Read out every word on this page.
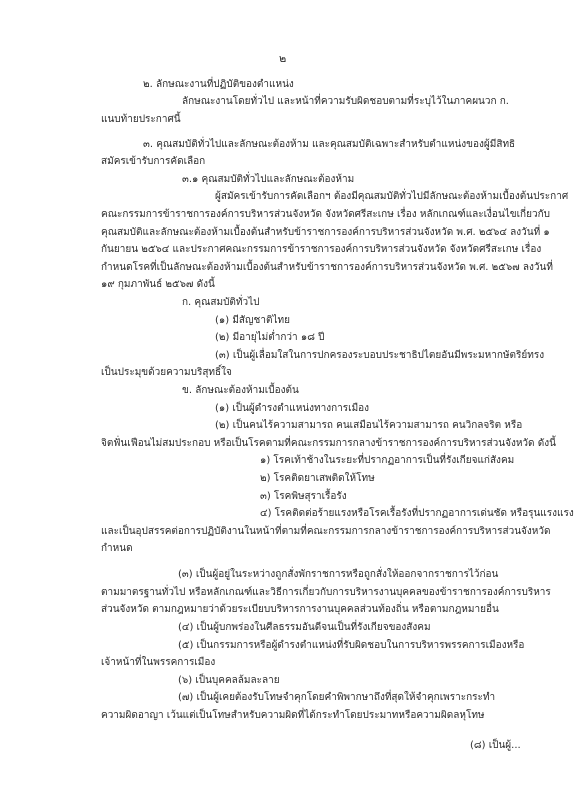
๒
๒. ลักษณะงานที่ปฏิบัติของตำแหน่ง
ลักษณะงานโดยทั่วไป และหน้าที่ความรับผิดชอบตามที่ระบุไว้ในภาคผนวก ก.
แนบท้ายประกาศนี้
๓. คุณสมบัติทั่วไปและลักษณะต้องห้าม และคุณสมบัติเฉพาะสำหรับตำแหน่งของผู้มีสิทธิ
สมัครเข้ารับการคัดเลือก
๓.๑ คุณสมบัติทั่วไปและลักษณะต้องห้าม
ผู้สมัครเข้ารับการคัดเลือกฯ ต้องมีคุณสมบัติทั่วไปมีลักษณะต้องห้ามเบื้องต้นประกาศ
คณะกรรมการข้าราชการองค์การบริหารส่วนจังหวัด จังหวัดศรีสะเกษ เรื่อง หลักเกณฑ์และเงื่อนไขเกี่ยวกับ
คุณสมบัติและลักษณะต้องห้ามเบื้องต้นสำหรับข้าราชการองค์การบริหารส่วนจังหวัด พ.ศ. ๒๕๖๔ ลงวันที่ ๑
กันยายน ๒๕๖๔ และประกาศคณะกรรมการข้าราชการองค์การบริหารส่วนจังหวัด จังหวัดศรีสะเกษ เรื่อง
กำหนดโรคที่เป็นลักษณะต้องห้ามเบื้องต้นสำหรับข้าราชการองค์การบริหารส่วนจังหวัด พ.ศ. ๒๕๖๗ ลงวันที่
๑๙ กุมภาพันธ์ ๒๕๖๗ ดังนี้
ก. คุณสมบัติทั่วไป
(๑) มีสัญชาติไทย
(๒) มีอายุไม่ต่ำกว่า ๑๘ ปี
(๓) เป็นผู้เลื่อมใสในการปกครองระบอบประชาธิปไตยอันมีพระมหากษัตริย์ทรง
เป็นประมุขด้วยความบริสุทธิ์ใจ
ข. ลักษณะต้องห้ามเบื้องต้น
(๑) เป็นผู้ดำรงตำแหน่งทางการเมือง
(๒) เป็นคนไร้ความสามารถ คนเสมือนไร้ความสามารถ คนวิกลจริต หรือ
จิตฟั่นเฟือนไม่สมประกอบ หรือเป็นโรคตามที่คณะกรรมการกลางข้าราชการองค์การบริหารส่วนจังหวัด ดังนี้
๑) โรคเท้าช้างในระยะที่ปรากฏอาการเป็นที่รังเกียจแก่สังคม
๒) โรคติดยาเสพติดให้โทษ
๓) โรคพิษสุราเรื้อรัง
๔) โรคติดต่อร้ายแรงหรือโรคเรื้อรังที่ปรากฏอาการเด่นชัด หรือรุนแรงแรง
และเป็นอุปสรรคต่อการปฏิบัติงานในหน้าที่ตามที่คณะกรรมการกลางข้าราชการองค์การบริหารส่วนจังหวัด
กำหนด
(๓) เป็นผู้อยู่ในระหว่างถูกสั่งพักราชการหรือถูกสั่งให้ออกจากราชการไว้ก่อน
ตามมาตรฐานทั่วไป หรือหลักเกณฑ์และวิธีการเกี่ยวกับการบริหารงานบุคคลของข้าราชการองค์การบริหาร
ส่วนจังหวัด ตามกฎหมายว่าด้วยระเบียบบริหารการงานบุคคลส่วนท้องถิ่น หรือตามกฎหมายอื่น
(๔) เป็นผู้บกพร่องในศีลธรรมอันดีจนเป็นที่รังเกียจของสังคม
(๕) เป็นกรรมการหรือผู้ดำรงตำแหน่งที่รับผิดชอบในการบริหารพรรคการเมืองหรือ
เจ้าหน้าที่ในพรรคการเมือง
(๖) เป็นบุคคลล้มละลาย
(๗) เป็นผู้เคยต้องรับโทษจำคุกโดยคำพิพากษาถึงที่สุดให้จำคุกเพราะกระทำ
ความผิดอาญา เว้นแต่เป็นโทษสำหรับความผิดที่ได้กระทำโดยประมาทหรือความผิดลหุโทษ
(๘) เป็นผู้...
